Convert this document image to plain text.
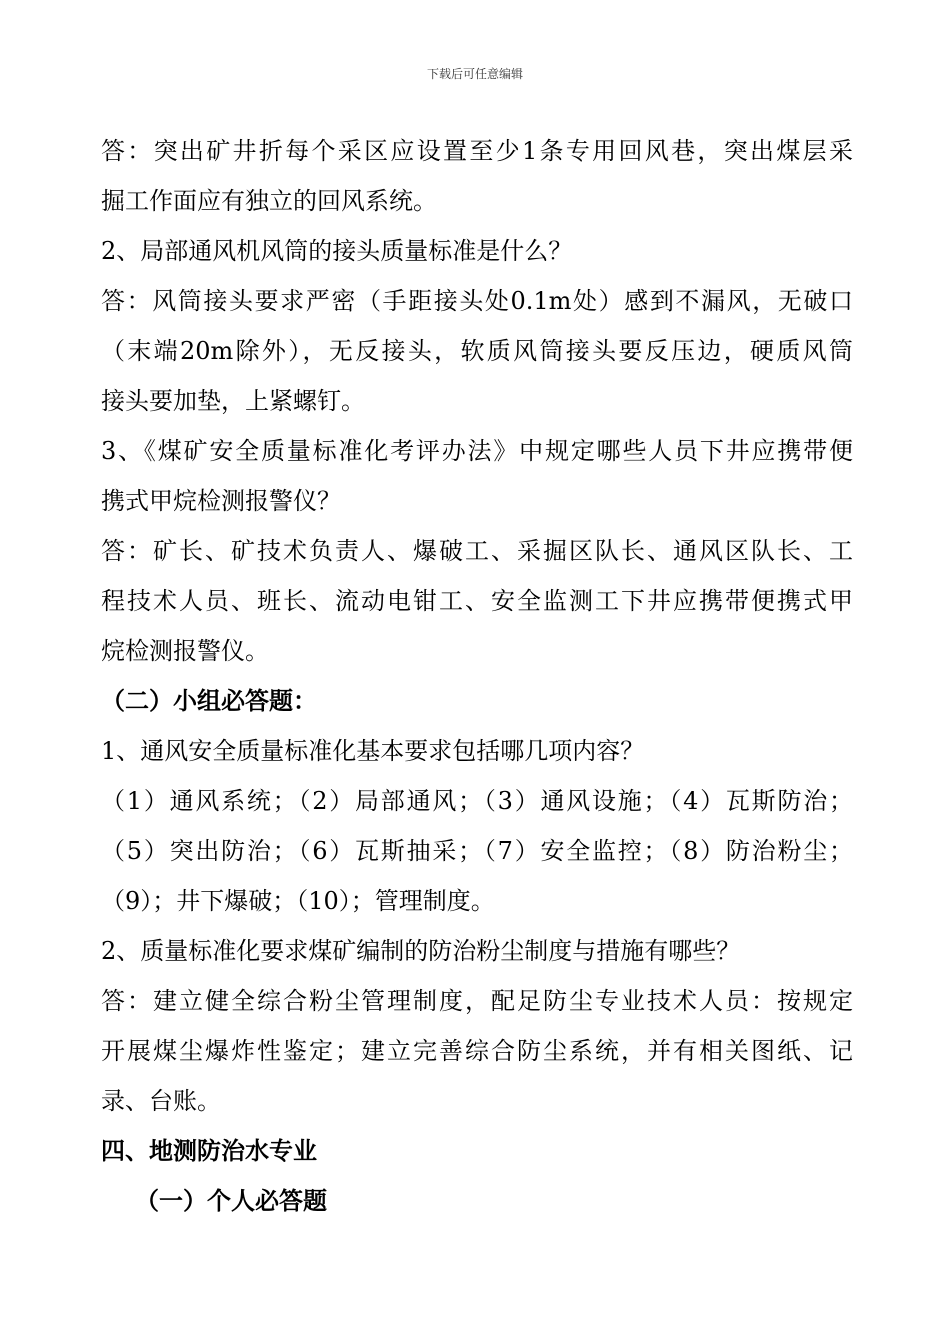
下载后可任意编辑
答：突出矿井折每个采区应设置至少1条专用回风巷，突出煤层采
掘工作面应有独立的回风系统。
2、局部通风机风筒的接头质量标准是什么？
答：风筒接头要求严密（手距接头处0.1m处）感到不漏风，无破口
（末端20m除外），无反接头，软质风筒接头要反压边，硬质风筒
接头要加垫，上紧螺钉。
3、《煤矿安全质量标准化考评办法》中规定哪些人员下井应携带便
携式甲烷检测报警仪？
答：矿长、矿技术负责人、爆破工、采掘区队长、通风区队长、工
程技术人员、班长、流动电钳工、安全监测工下井应携带便携式甲
烷检测报警仪。
（二）小组必答题：
1、通风安全质量标准化基本要求包括哪几项内容？
（1）通风系统；（2）局部通风；（3）通风设施；（4）瓦斯防治；
（5）突出防治；（6）瓦斯抽采；（7）安全监控；（8）防治粉尘；
（9）；井下爆破；（10）；管理制度。
2、质量标准化要求煤矿编制的防治粉尘制度与措施有哪些？
答：建立健全综合粉尘管理制度，配足防尘专业技术人员：按规定
开展煤尘爆炸性鉴定；建立完善综合防尘系统，并有相关图纸、记
录、台账。
四、地测防治水专业
（一）个人必答题
